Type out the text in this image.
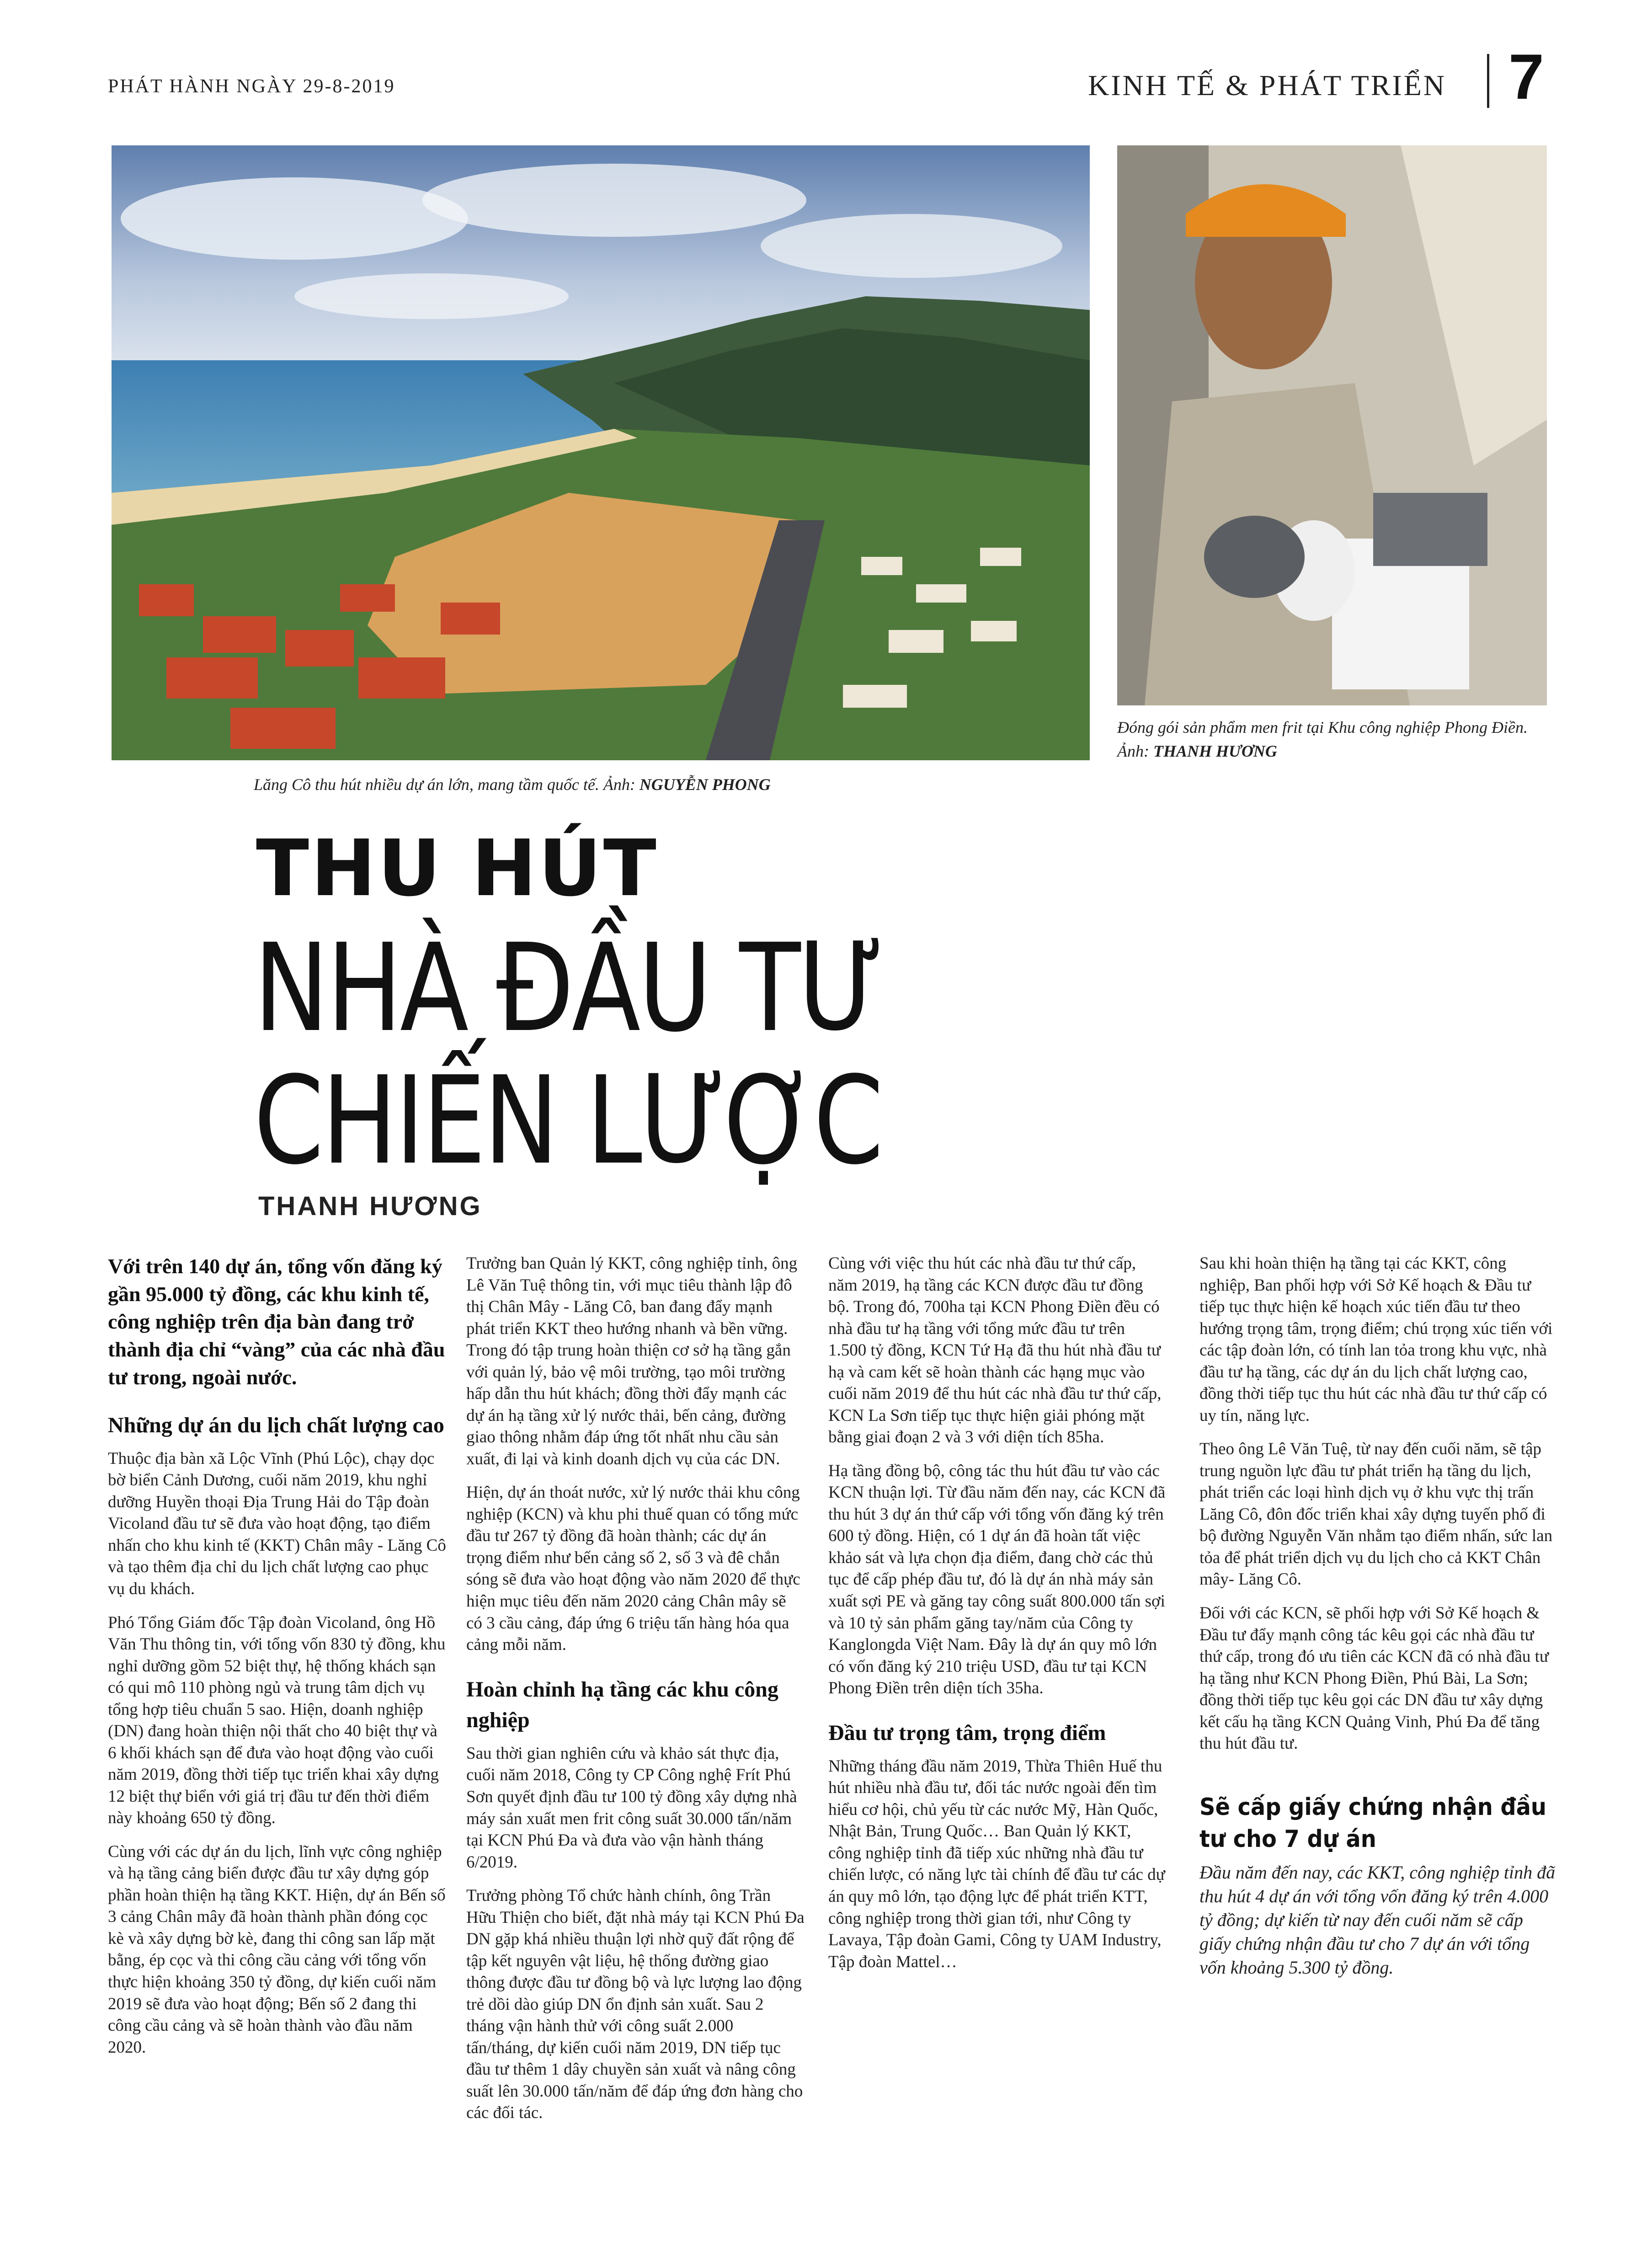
PHÁT HÀNH NGÀY 29-8-2019	KINH TẾ & PHÁT TRIỂN 7
Lăng Cô thu hút nhiều dự án lớn, mang tầm quốc tế. Ảnh: NGUYỄN PHONG
Đóng gói sản phẩm men frit tại Khu công nghiệp Phong Điền. Ảnh: THANH HƯƠNG
THU HÚT
NHÀ ĐẦU TƯ
CHIẾN LƯỢC
THANH HƯƠNG

Với trên 140 dự án, tổng vốn đăng ký gần 95.000 tỷ đồng, các khu kinh tế, công nghiệp trên địa bàn đang trở thành địa chỉ “vàng” của các nhà đầu tư trong, ngoài nước.

Những dự án du lịch chất lượng cao

Thuộc địa bàn xã Lộc Vĩnh (Phú Lộc), chạy dọc bờ biển Cảnh Dương, cuối năm 2019, khu nghỉ dưỡng Huyền thoại Địa Trung Hải do Tập đoàn Vicoland đầu tư sẽ đưa vào hoạt động, tạo điểm nhấn cho khu kinh tế (KKT) Chân mây - Lăng Cô và tạo thêm địa chỉ du lịch chất lượng cao phục vụ du khách.

Phó Tổng Giám đốc Tập đoàn Vicoland, ông Hồ Văn Thu thông tin, với tổng vốn 830 tỷ đồng, khu nghỉ dưỡng gồm 52 biệt thự, hệ thống khách sạn có qui mô 110 phòng ngủ và trung tâm dịch vụ tổng hợp tiêu chuẩn 5 sao. Hiện, doanh nghiệp (DN) đang hoàn thiện nội thất cho 40 biệt thự và 6 khối khách sạn để đưa vào hoạt động vào cuối năm 2019, đồng thời tiếp tục triển khai xây dựng 12 biệt thự biển với giá trị đầu tư đến thời điểm này khoảng 650 tỷ đồng.

Cùng với các dự án du lịch, lĩnh vực công nghiệp và hạ tầng cảng biển được đầu tư xây dựng góp phần hoàn thiện hạ tầng KKT. Hiện, dự án Bến số 3 cảng Chân mây đã hoàn thành phần đóng cọc kè và xây dựng bờ kè, đang thi công san lấp mặt bằng, ép cọc và thi công cầu cảng với tổng vốn thực hiện khoảng 350 tỷ đồng, dự kiến cuối năm 2019 sẽ đưa vào hoạt động; Bến số 2 đang thi công cầu cảng và sẽ hoàn thành vào đầu năm 2020.

Trưởng ban Quản lý KKT, công nghiệp tỉnh, ông Lê Văn Tuệ thông tin, với mục tiêu thành lập đô thị Chân Mây - Lăng Cô, ban đang đẩy mạnh phát triển KKT theo hướng nhanh và bền vững. Trong đó tập trung hoàn thiện cơ sở hạ tầng gắn với quản lý, bảo vệ môi trường, tạo môi trường hấp dẫn thu hút khách; đồng thời đẩy mạnh các dự án hạ tầng xử lý nước thải, bến cảng, đường giao thông nhằm đáp ứng tốt nhất nhu cầu sản xuất, đi lại và kinh doanh dịch vụ của các DN.

Hiện, dự án thoát nước, xử lý nước thải khu công nghiệp (KCN) và khu phi thuế quan có tổng mức đầu tư 267 tỷ đồng đã hoàn thành; các dự án trọng điểm như bến cảng số 2, số 3 và đê chắn sóng sẽ đưa vào hoạt động vào năm 2020 để thực hiện mục tiêu đến năm 2020 cảng Chân mây sẽ có 3 cầu cảng, đáp ứng 6 triệu tấn hàng hóa qua cảng mỗi năm.

Hoàn chỉnh hạ tầng các khu công nghiệp

Sau thời gian nghiên cứu và khảo sát thực địa, cuối năm 2018, Công ty CP Công nghệ Frít Phú Sơn quyết định đầu tư 100 tỷ đồng xây dựng nhà máy sản xuất men frit công suất 30.000 tấn/năm tại KCN Phú Đa và đưa vào vận hành tháng 6/2019.

Trưởng phòng Tổ chức hành chính, ông Trần Hữu Thiện cho biết, đặt nhà máy tại KCN Phú Đa DN gặp khá nhiều thuận lợi nhờ quỹ đất rộng để tập kết nguyên vật liệu, hệ thống đường giao thông được đầu tư đồng bộ và lực lượng lao động trẻ dồi dào giúp DN ổn định sản xuất. Sau 2 tháng vận hành thử với công suất 2.000 tấn/tháng, dự kiến cuối năm 2019, DN tiếp tục đầu tư thêm 1 dây chuyền sản xuất và nâng công suất lên 30.000 tấn/năm để đáp ứng đơn hàng cho các đối tác.

Cùng với việc thu hút các nhà đầu tư thứ cấp, năm 2019, hạ tầng các KCN được đầu tư đồng bộ. Trong đó, 700ha tại KCN Phong Điền đều có nhà đầu tư hạ tầng với tổng mức đầu tư trên 1.500 tỷ đồng, KCN Tứ Hạ đã thu hút nhà đầu tư hạ và cam kết sẽ hoàn thành các hạng mục vào cuối năm 2019 để thu hút các nhà đầu tư thứ cấp, KCN La Sơn tiếp tục thực hiện giải phóng mặt bằng giai đoạn 2 và 3 với diện tích 85ha.

Hạ tầng đồng bộ, công tác thu hút đầu tư vào các KCN thuận lợi. Từ đầu năm đến nay, các KCN đã thu hút 3 dự án thứ cấp với tổng vốn đăng ký trên 600 tỷ đồng. Hiện, có 1 dự án đã hoàn tất việc khảo sát và lựa chọn địa điểm, đang chờ các thủ tục để cấp phép đầu tư, đó là dự án nhà máy sản xuất sợi PE và găng tay công suất 800.000 tấn sợi và 10 tỷ sản phẩm găng tay/năm của Công ty Kanglongda Việt Nam. Đây là dự án quy mô lớn có vốn đăng ký 210 triệu USD, đầu tư tại KCN Phong Điền trên diện tích 35ha.

Đầu tư trọng tâm, trọng điểm

Những tháng đầu năm 2019, Thừa Thiên Huế thu hút nhiều nhà đầu tư, đối tác nước ngoài đến tìm hiểu cơ hội, chủ yếu từ các nước Mỹ, Hàn Quốc, Nhật Bản, Trung Quốc… Ban Quản lý KKT, công nghiệp tỉnh đã tiếp xúc những nhà đầu tư chiến lược, có năng lực tài chính để đầu tư các dự án quy mô lớn, tạo động lực để phát triển KTT, công nghiệp trong thời gian tới, như Công ty Lavaya, Tập đoàn Gami, Công ty UAM Industry, Tập đoàn Mattel…

Sau khi hoàn thiện hạ tầng tại các KKT, công nghiệp, Ban phối hợp với Sở Kế hoạch & Đầu tư tiếp tục thực hiện kế hoạch xúc tiến đầu tư theo hướng trọng tâm, trọng điểm; chú trọng xúc tiến với các tập đoàn lớn, có tính lan tỏa trong khu vực, nhà đầu tư hạ tầng, các dự án du lịch chất lượng cao, đồng thời tiếp tục thu hút các nhà đầu tư thứ cấp có uy tín, năng lực.

Theo ông Lê Văn Tuệ, từ nay đến cuối năm, sẽ tập trung nguồn lực đầu tư phát triển hạ tầng du lịch, phát triển các loại hình dịch vụ ở khu vực thị trấn Lăng Cô, đôn đốc triển khai xây dựng tuyến phố đi bộ đường Nguyễn Văn nhằm tạo điểm nhấn, sức lan tỏa để phát triển dịch vụ du lịch cho cả KKT Chân mây- Lăng Cô.

Đối với các KCN, sẽ phối hợp với Sở Kế hoạch & Đầu tư đẩy mạnh công tác kêu gọi các nhà đầu tư thứ cấp, trong đó ưu tiên các KCN đã có nhà đầu tư hạ tầng như KCN Phong Điền, Phú Bài, La Sơn; đồng thời tiếp tục kêu gọi các DN đầu tư xây dựng kết cấu hạ tầng KCN Quảng Vinh, Phú Đa để tăng thu hút đầu tư.

Sẽ cấp giấy chứng nhận đầu tư cho 7 dự án

Đầu năm đến nay, các KKT, công nghiệp tỉnh đã thu hút 4 dự án với tổng vốn đăng ký trên 4.000 tỷ đồng; dự kiến từ nay đến cuối năm sẽ cấp giấy chứng nhận đầu tư cho 7 dự án với tổng vốn khoảng 5.300 tỷ đồng.
